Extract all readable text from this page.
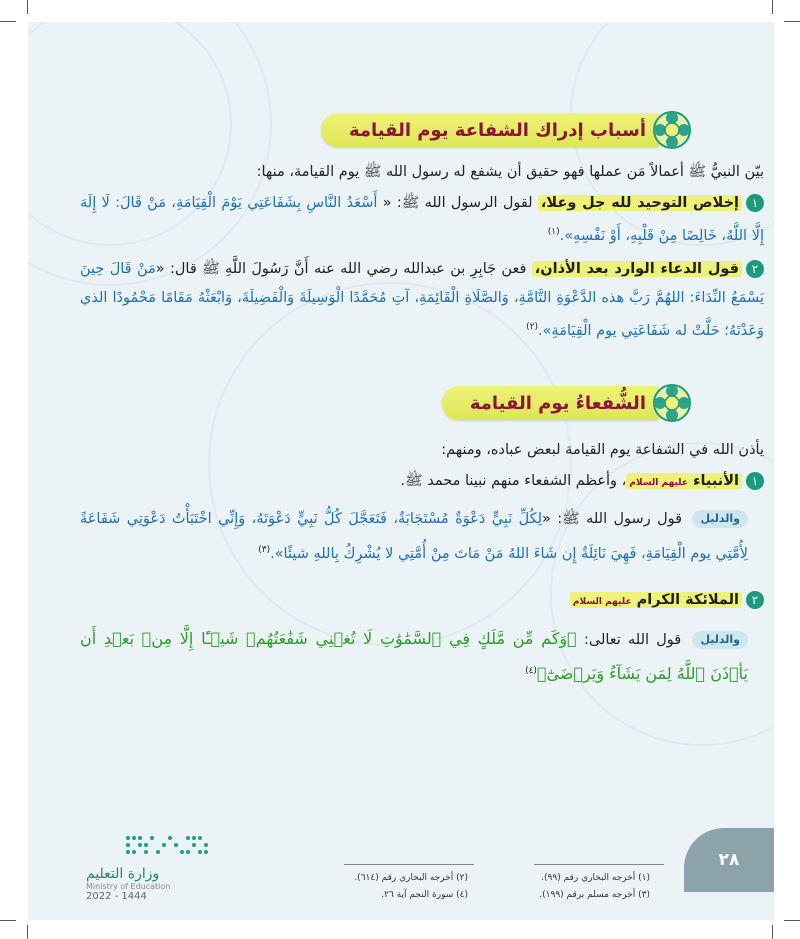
٢٨
وزارة التعليم
Ministry of Education
2022 - 1444
(١) أخرجه البخاري رقم (٩٩).
(٣) أخرجه مسلم برقم (١٩٩).
(٢) أخرجه البخاري رقم (٦١٤).
(٤) سورة النجم آية ٢٦.
أسباب إدراك الشفاعة يوم القيامة
بيّن النبيُّ ﷺ أعمالاً مَن عملها فهو حقيق أن يشفع له رسول الله ﷺ يوم القيامة، منها:
١إخلاص التوحيد لله جل وعلا، لقول الرسول الله ﷺ: « أَسْعَدُ النَّاسِ بِشَفَاعَتِي يَوْمَ الْقِيَامَةِ، مَنْ قَالَ: لَا إِلَهَ إِلَّا اللَّهُ، خَالِصًا مِنْ قَلْبِهِ، أَوْ نَفْسِهِ».$^{(١)}$
٢قول الدعاء الوارد بعد الأذان، فعن جَابِرِ بن عبدالله رضي الله عنه أَنَّ رَسُولَ اللَّهِ ﷺ قال: «مَنْ قَالَ حِينَ يَسْمَعُ النِّدَاءَ: اللهُمَّ رَبَّ هذه الدَّعْوَةِ التَّامَّةِ، وَالصَّلَاةِ الْقَائِمَةِ، آتِ مُحَمَّدًا الْوَسِيلَةَ وَالْفَضِيلَةَ، وَابْعَثْهُ مَقَامًا مَحْمُودًا الذي وَعَدْتَهُ؛ حَلَّتْ له شَفَاعَتِي يوم الْقِيَامَةِ».$^{(٢)}$
الشُّفعاءُ يوم القيامة
يأذن الله في الشفاعة يوم القيامة لبعض عباده، ومنهم:
١الأنبياء عليهم السلام، وأعظم الشفعاء منهم نبينا محمد ﷺ.
والدليل قول رسول الله ﷺ: «لِكُلِّ نَبِيٍّ دَعْوَةٌ مُسْتَجَابَةٌ، فَتَعَجَّلَ كُلُّ نَبِيٍّ دَعْوَتَهُ، وَإِنِّي اخْتَبَأْتُ دَعْوَتِي شَفَاعَةً لِأُمَّتِي يوم الْقِيَامَةِ، فَهِيَ نَائِلَةٌ إِن شَاءَ اللهُ مَنْ مَاتَ مِنْ أُمَّتِي لا يُشْرِكُ بِاللهِ شيئًا».$^{(٣)}$
٢الملائكة الكرام عليهم السلام
والدليل قول الله تعالى: ﴿وَكَم مِّن مَّلَكٍ فِي ٱلسَّمَٰوَٰتِ لَا تُغۡنِي شَفَٰعَتُهُمۡ شَيۡـًٔا إِلَّا مِنۢ بَعۡدِ أَن يَأۡذَنَ ٱللَّهُ لِمَن يَشَآءُ وَيَرۡضَىٰٓ﴾$^{(٤)}$
